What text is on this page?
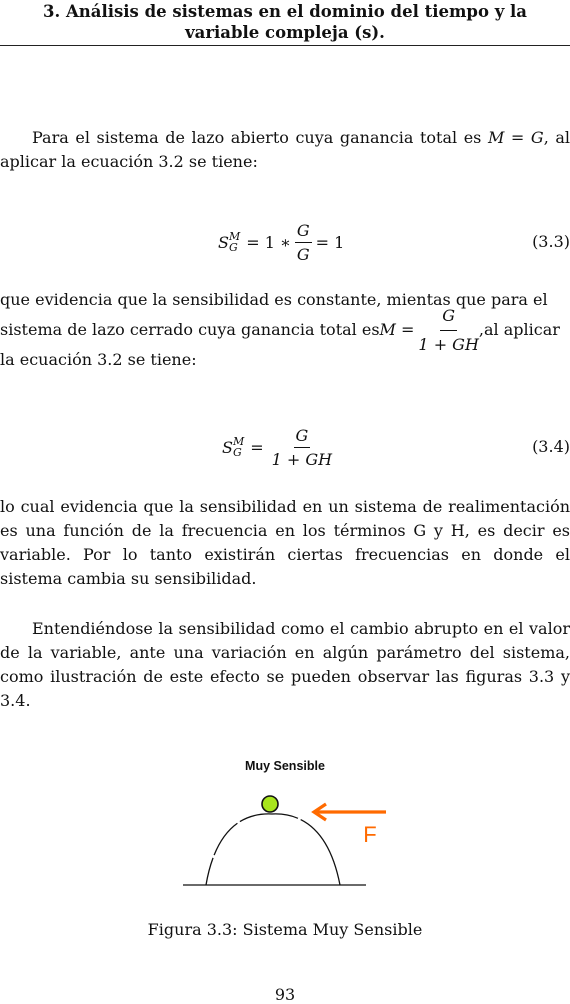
3. Análisis de sistemas en el dominio del tiempo y la
variable compleja (s).
Para el sistema de lazo abierto cuya ganancia total es M = G, al aplicar la ecuación 3.2 se tiene:
S M
G = 1 ∗ $\frac{G}{G} = 1$	(3.3)
que evidencia que la sensibilidad es constante, mientas que para el
sistema de lazo cerrado cuya ganancia total es $M = \frac{G}{1 + GH} ,al$ aplicar
la ecuación 3.2 se tiene:
S M
$G = \frac{G}{1 + GH}$	(3.4)
lo cual evidencia que la sensibilidad en un sistema de realimentación es una función de la frecuencia en los términos G y H, es decir es variable. Por lo tanto existirán ciertas frecuencias en donde el sistema cambia su sensibilidad.
Entendiéndose la sensibilidad como el cambio abrupto en el valor de la variable, ante una variación en algún parámetro del sistema, como ilustración de este efecto se pueden observar las figuras 3.3 y 3.4.
Muy Sensible
F
Figura 3.3: Sistema Muy Sensible
93
